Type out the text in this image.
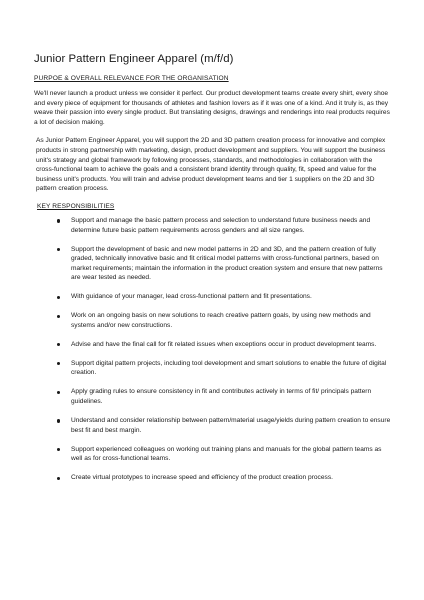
Junior Pattern Engineer Apparel (m/f/d)
PURPOE & OVERALL RELEVANCE FOR THE ORGANISATION

We'll never launch a product unless we consider it perfect. Our product development teams create every shirt, every shoe and every piece of equipment for thousands of athletes and fashion lovers as if it was one of a kind. And it truly is, as they weave their passion into every single product. But translating designs, drawings and renderings into real products requires a lot of decision making.

As Junior Pattern Engineer Apparel, you will support the 2D and 3D pattern creation process for innovative and complex products in strong partnership with marketing, design, product development and suppliers. You will support the business unit's strategy and global framework by following processes, standards, and methodologies in collaboration with the cross-functional team to achieve the goals and a consistent brand identity through quality, fit, speed and value for the business unit's products. You will train and advise product development teams and tier 1 suppliers on the 2D and 3D pattern creation process.

KEY RESPONSIBILITIES
Support and manage the basic pattern process and selection to understand future business needs and determine future basic pattern requirements across genders and all size ranges.
Support the development of basic and new model patterns in 2D and 3D, and the pattern creation of fully graded, technically innovative basic and fit critical model patterns with cross-functional partners, based on market requirements; maintain the information in the product creation system and ensure that new patterns are wear tested as needed.
With guidance of your manager, lead cross-functional pattern and fit presentations.
Work on an ongoing basis on new solutions to reach creative pattern goals, by using new methods and systems and/or new constructions.
Advise and have the final call for fit related issues when exceptions occur in product development teams.
Support digital pattern projects, including tool development and smart solutions to enable the future of digital creation.
Apply grading rules to ensure consistency in fit and contributes actively in terms of fit/ principals pattern guidelines.
Understand and consider relationship between pattern/material usage/yields during pattern creation to ensure best fit and best margin.
Support experienced colleagues on working out training plans and manuals for the global pattern teams as well as for cross-functional teams.
Create virtual prototypes to increase speed and efficiency of the product creation process.
